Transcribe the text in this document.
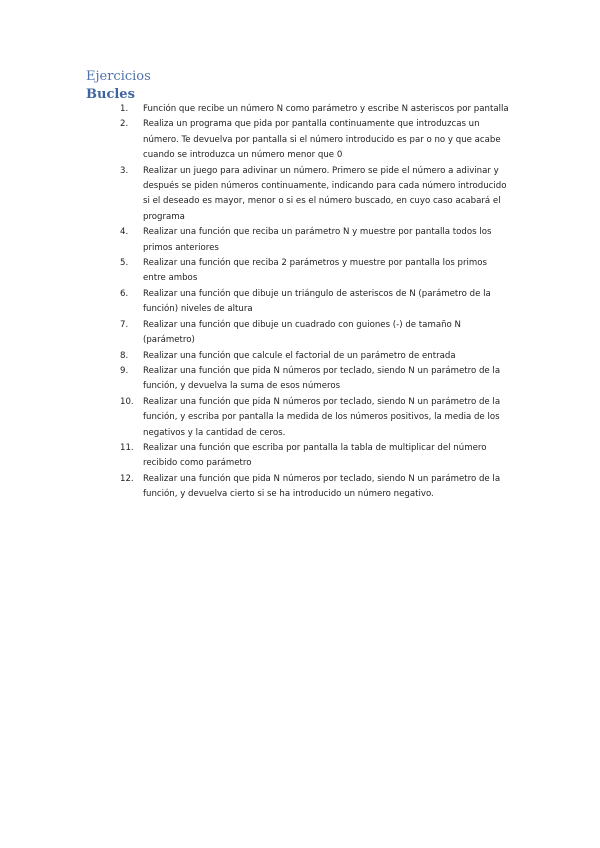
Ejercicios
Bucles
1.	Función que recibe un número N como parámetro y escribe N asteriscos por pantalla
2.	Realiza un programa que pida por pantalla continuamente que introduzcas un número. Te devuelva por pantalla si el número introducido es par o no y que acabe cuando se introduzca un número menor que 0
3.	Realizar un juego para adivinar un número. Primero se pide el número a adivinar y después se piden números continuamente, indicando para cada número introducido si el deseado es mayor, menor o si es el número buscado, en cuyo caso acabará el programa
4.	Realizar una función que reciba un parámetro N y muestre por pantalla todos los primos anteriores
5.	Realizar una función que reciba 2 parámetros y muestre por pantalla los primos entre ambos
6.	Realizar una función que dibuje un triángulo de asteriscos de N (parámetro de la función) niveles de altura
7.	Realizar una función que dibuje un cuadrado con guiones (-) de tamaño N (parámetro)
8.	Realizar una función que calcule el factorial de un parámetro de entrada
9.	Realizar una función que pida N números por teclado, siendo N un parámetro de la función, y devuelva la suma de esos números
10.	Realizar una función que pida N números por teclado, siendo N un parámetro de la función, y escriba por pantalla la medida de los números positivos, la media de los negativos y la cantidad de ceros.
11.	Realizar una función que escriba por pantalla la tabla de multiplicar del número recibido como parámetro
12.	Realizar una función que pida N números por teclado, siendo N un parámetro de la función, y devuelva cierto si se ha introducido un número negativo.
